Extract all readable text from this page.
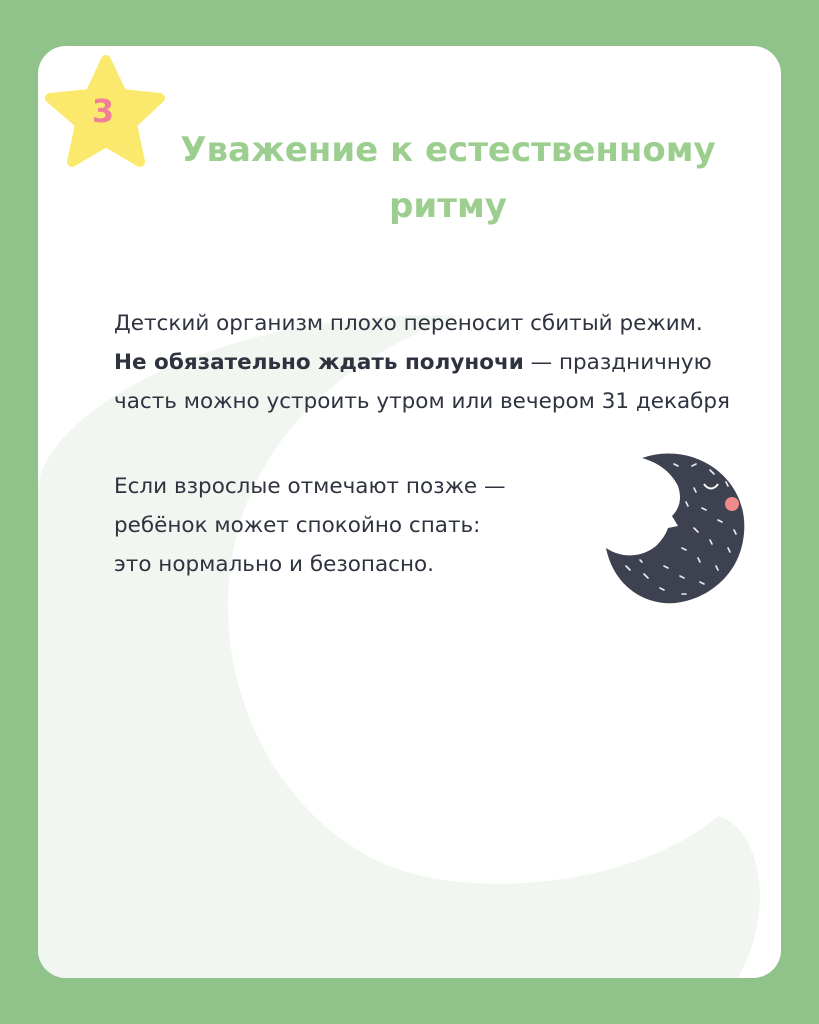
3
Уважение к естественному
ритму
Детский организм плохо переносит сбитый режим.
Не обязательно ждать полуночи — праздничную
часть можно устроить утром или вечером 31 декабря
Если взрослые отмечают позже —
ребёнок может спокойно спать:
это нормально и безопасно.
